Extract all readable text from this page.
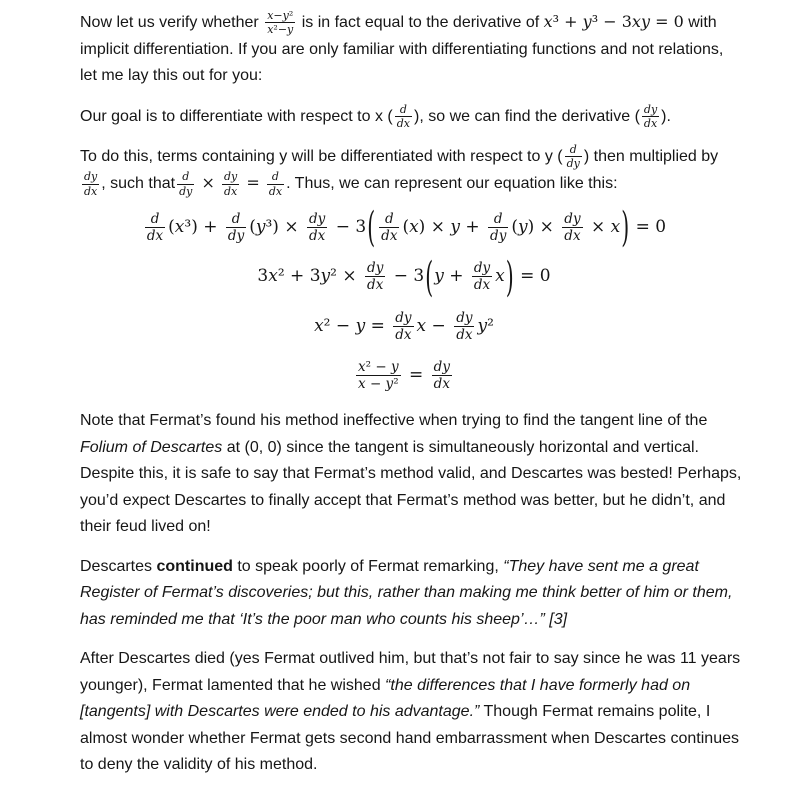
Now let us verify whether $\frac{\text{x−y²}}{\text{x²−y}}$ is in fact equal to the derivative of x³ + y³ − 3xy = 0 with implicit differentiation. If you are only familiar with differentiating functions and not relations, let me lay this out for you:
Our goal is to differentiate with respect to x ( $\frac{d}{dx}$ ), so we can find the derivative ( $\frac{dy}{dx}$ ).
To do this, terms containing y will be differentiated with respect to y ( $\frac{d}{dy}$ ) then multiplied by
$\frac{dy}{dx}$ , such that $\frac{d}{dy} \times \frac{dy}{dx} = \frac{d}{dx}$ . Thus, we can represent our equation like this:
$\frac{d}{dx} (x^3) + \frac{d}{dy} (y^3) \times \frac{dy}{dx} - 3( \frac{d}{dx} (x) \times y + \frac{d}{dy} (y) \times \frac{dy}{dx} \times x) = 0$
$3x^2 + 3y^2 \times \frac{dy}{dx} - 3(y + \frac{dy}{dx} x) = 0$
$x^2 - y = \frac{dy}{dx}$ $x - \frac{dy}{dx} y^2$
$\frac{\text{x² − y}}{\text{x − y²}} = \frac{dy}{dx}$
Note that Fermat’s found his method ineffective when trying to find the tangent line of the Folium of Descartes at (0, 0) since the tangent is simultaneously horizontal and vertical. Despite this, it is safe to say that Fermat’s method valid, and Descartes was bested! Perhaps, you’d expect Descartes to finally accept that Fermat’s method was better, but he didn’t, and their feud lived on!
Descartes continued to speak poorly of Fermat remarking, “They have sent me a great Register of Fermat’s discoveries; but this, rather than making me think better of him or them, has reminded me that ‘It’s the poor man who counts his sheep’…” [3]
After Descartes died (yes Fermat outlived him, but that’s not fair to say since he was 11 years younger), Fermat lamented that he wished “the differences that I have formerly had on [tangents] with Descartes were ended to his advantage.” Though Fermat remains polite, I almost wonder whether Fermat gets second hand embarrassment when Descartes continues to deny the validity of his method.
